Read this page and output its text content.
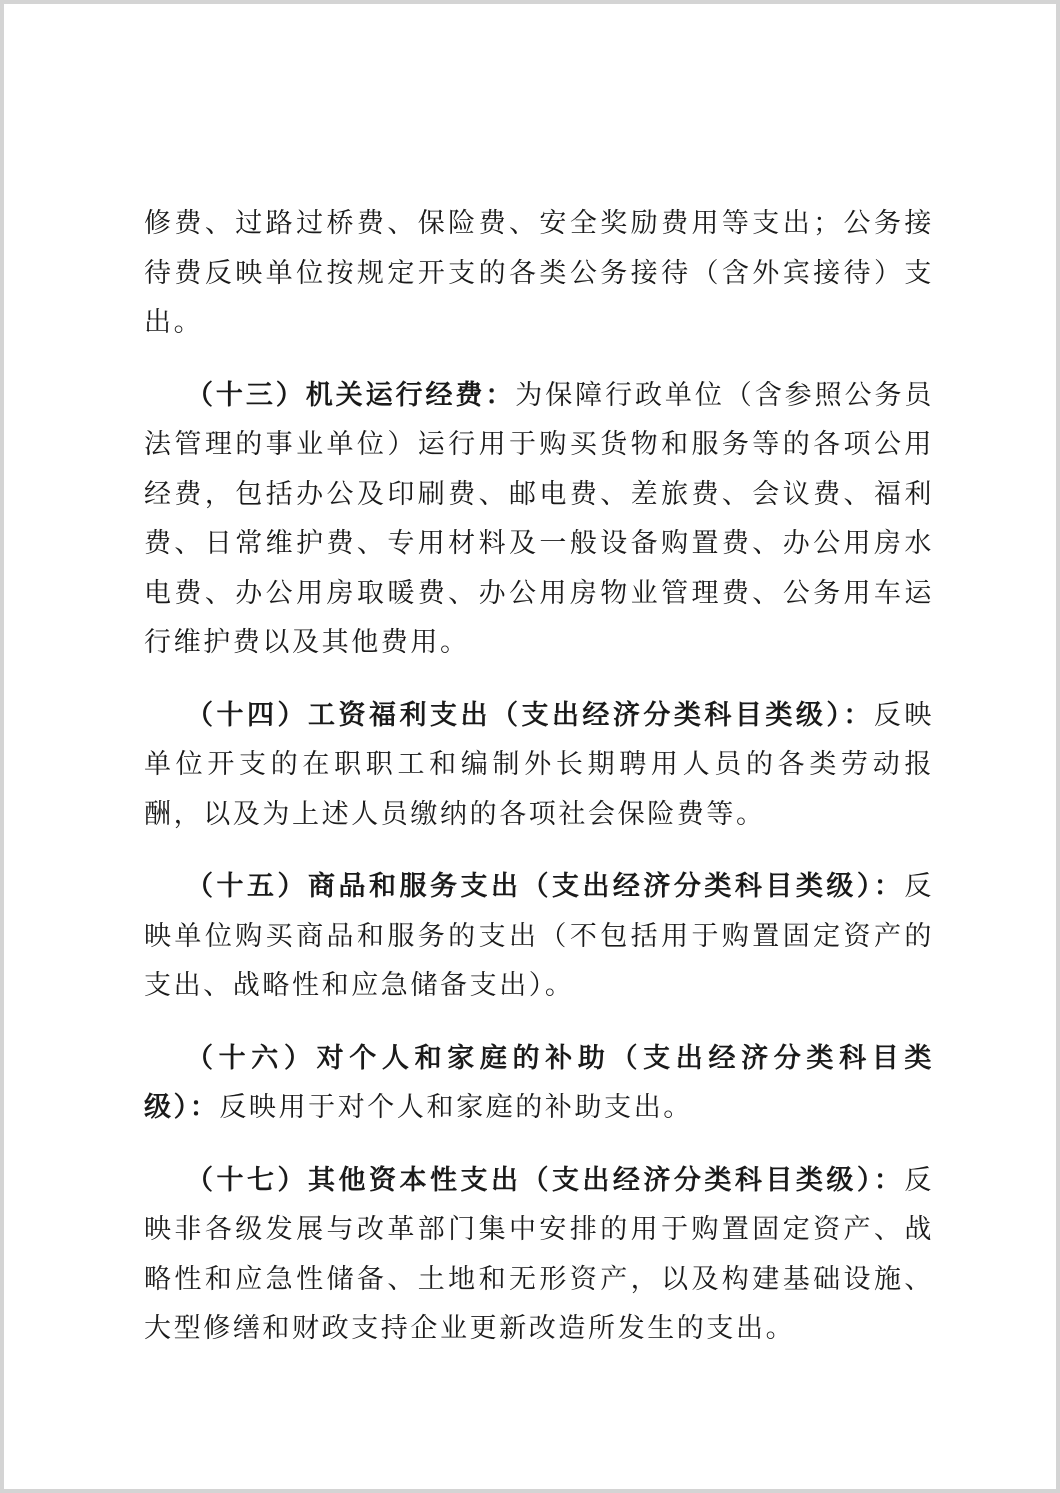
修费、过路过桥费、保险费、安全奖励费用等支出；公务接待费反映单位按规定开支的各类公务接待（含外宾接待）支出。

（十三）机关运行经费：为保障行政单位（含参照公务员法管理的事业单位）运行用于购买货物和服务等的各项公用经费，包括办公及印刷费、邮电费、差旅费、会议费、福利费、日常维护费、专用材料及一般设备购置费、办公用房水电费、办公用房取暖费、办公用房物业管理费、公务用车运行维护费以及其他费用。

（十四）工资福利支出（支出经济分类科目类级）：反映单位开支的在职职工和编制外长期聘用人员的各类劳动报酬，以及为上述人员缴纳的各项社会保险费等。

（十五）商品和服务支出（支出经济分类科目类级）：反映单位购买商品和服务的支出（不包括用于购置固定资产的支出、战略性和应急储备支出）。

（十六）对个人和家庭的补助（支出经济分类科目类级）：反映用于对个人和家庭的补助支出。

（十七）其他资本性支出（支出经济分类科目类级）：反映非各级发展与改革部门集中安排的用于购置固定资产、战略性和应急性储备、土地和无形资产，以及构建基础设施、大型修缮和财政支持企业更新改造所发生的支出。
